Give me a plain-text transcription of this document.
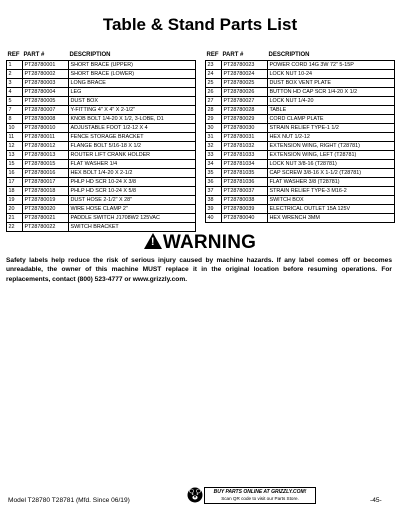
Table & Stand Parts List
REF	PART #	DESCRIPTION
1	PT28780001	SHORT BRACE (UPPER)
2	PT28780002	SHORT BRACE (LOWER)
3	PT28780003	LONG BRACE
4	PT28780004	LEG
5	PT28780005	DUST BOX
7	PT28780007	Y-FITTING 4" X 4" X 2-1/2"
8	PT28780008	KNOB BOLT 1/4-20 X 1/2, 3-LOBE, D1
10	PT28780010	ADJUSTABLE FOOT 1/2-12 X 4
11	PT28780011	FENCE STORAGE BRACKET
12	PT28780012	FLANGE BOLT 5/16-18 X 1/2
13	PT28780013	ROUTER LIFT CRANK HOLDER
15	PT28780015	FLAT WASHER 1/4
16	PT28780016	HEX BOLT 1/4-20 X 2-1/2
17	PT28780017	PHLP HD SCR 10-24 X 3/8
18	PT28780018	PHLP HD SCR 10-24 X 5/8
19	PT28780019	DUST HOSE 2-1/2" X 28"
20	PT28780020	WIRE HOSE CLAMP 2"
21	PT28780021	PADDLE SWITCH J1708W2 125VAC
22	PT28780022	SWITCH BRACKET
REF	PART #	DESCRIPTION
23	PT28780023	POWER CORD 14G 3W 72" 5-15P
24	PT28780024	LOCK NUT 10-24
25	PT28780025	DUST BOX VENT PLATE
26	PT28780026	BUTTON HD CAP SCR 1/4-20 X 1/2
27	PT28780027	LOCK NUT 1/4-20
28	PT28780028	TABLE
29	PT28780029	CORD CLAMP PLATE
30	PT28780030	STRAIN RELIEF TYPE-1 1/2
31	PT28780031	HEX NUT 1/2-12
32	PT28781032	EXTENSION WING, RIGHT (T28781)
33	PT28781033	EXTENSION WING, LEFT (T28781)
34	PT28781034	LOCK NUT 3/8-16 (T28781)
35	PT28781035	CAP SCREW 3/8-16 X 1-1/2 (T28781)
36	PT28781036	FLAT WASHER 3/8 (T28781)
37	PT28780037	STRAIN RELIEF TYPE-3 M16-2
38	PT28780038	SWITCH BOX
39	PT28780039	ELECTRICAL OUTLET 15A 125V
40	PT28780040	HEX WRENCH 3MM
! WARNING
Safety labels help reduce the risk of serious injury caused by machine hazards. If any label comes off or becomes unreadable, the owner of this machine MUST replace it in the original location before resuming operations. For replacements, contact (800) 523-4777 or www.grizzly.com.
Model T28780 T28781 (Mfd. Since 06/19)
BUY PARTS ONLINE AT GRIZZLY.COM!
Scan QR code to visit our Parts Store.	-45-
